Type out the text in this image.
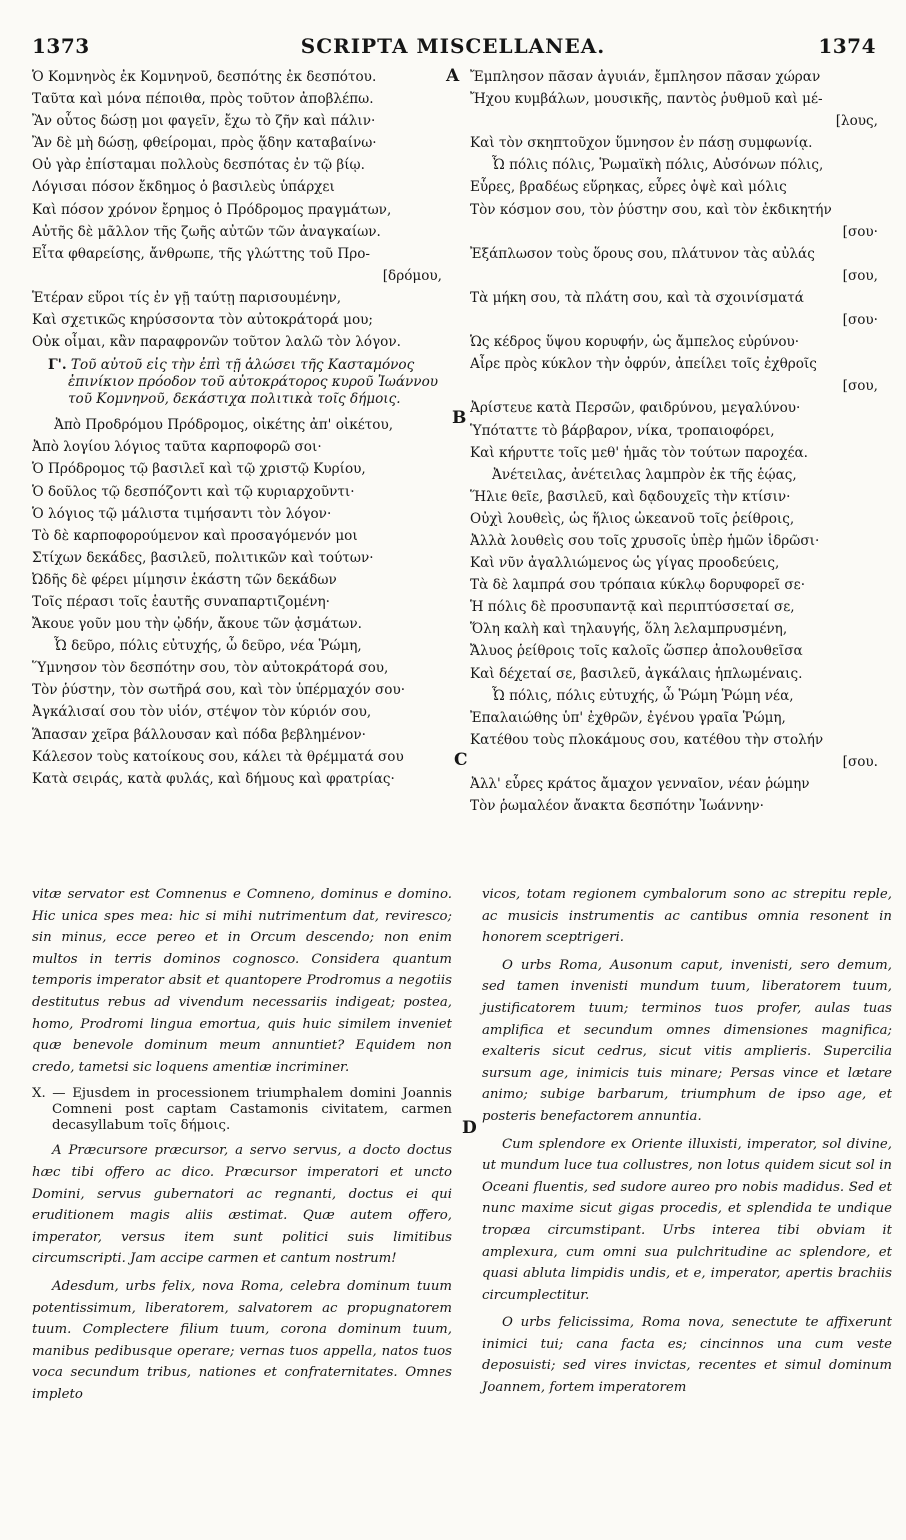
1373	SCRIPTA MISCELLANEA.	1374
A
B
C
D
Ὁ Κομνηνὸς ἐκ Κομνηνοῦ, δεσπότης ἐκ δεσπότου.
Ταῦτα καὶ μόνα πέποιθα, πρὸς τοῦτον ἀποβλέπω.
Ἂν οὗτος δώσῃ μοι φαγεῖν, ἔχω τὸ ζῆν καὶ πάλιν·
Ἂν δὲ μὴ δώσῃ, φθείρομαι, πρὸς ᾅδην καταβαίνω·
Οὐ γὰρ ἐπίσταμαι πολλοὺς δεσπότας ἐν τῷ βίῳ.
Λόγισαι πόσον ἔκδημος ὁ βασιλεὺς ὑπάρχει
Καὶ πόσον χρόνον ἔρημος ὁ Πρόδρομος πραγμάτων,
Αὐτῆς δὲ μᾶλλον τῆς ζωῆς αὐτῶν τῶν ἀναγκαίων.
Εἶτα φθαρείσης, ἄνθρωπε, τῆς γλώττης τοῦ Προ-
[δρόμου,
Ἑτέραν εὕροι τίς ἐν γῇ ταύτῃ παρισουμένην,
Καὶ σχετικῶς κηρύσσοντα τὸν αὐτοκράτορά μου;
Οὐκ οἶμαι, κἂν παραφρονῶν τοῦτον λαλῶ τὸν λόγον.
Γ'. Τοῦ αὐτοῦ εἰς τὴν ἐπὶ τῇ ἁλώσει τῆς Κασταμόνος ἐπινίκιον πρόοδον τοῦ αὐτοκράτορος κυροῦ Ἰωάννου τοῦ Κομνηνοῦ, δεκάστιχα πολιτικὰ τοῖς δήμοις.
Ἀπὸ Προδρόμου Πρόδρομος, οἰκέτης ἀπ' οἰκέτου,
Ἀπὸ λογίου λόγιος ταῦτα καρποφορῶ σοι·
Ὁ Πρόδρομος τῷ βασιλεῖ καὶ τῷ χριστῷ Κυρίου,
Ὁ δοῦλος τῷ δεσπόζοντι καὶ τῷ κυριαρχοῦντι·
Ὁ λόγιος τῷ μάλιστα τιμήσαντι τὸν λόγον·
Τὸ δὲ καρποφορούμενον καὶ προσαγόμενόν μοι
Στίχων δεκάδες, βασιλεῦ, πολιτικῶν καὶ τούτων·
Ὠδῆς δὲ φέρει μίμησιν ἑκάστη τῶν δεκάδων
Τοῖς πέρασι τοῖς ἑαυτῆς συναπαρτιζομένη·
Ἄκουε γοῦν μου τὴν ᾠδήν, ἄκουε τῶν ᾀσμάτων.
Ὦ δεῦρο, πόλις εὐτυχής, ὦ δεῦρο, νέα Ῥώμη,
Ὕμνησον τὸν δεσπότην σου, τὸν αὐτοκράτορά σου,
Τὸν ῥύστην, τὸν σωτῆρά σου, καὶ τὸν ὑπέρμαχόν σου·
Ἀγκάλισαί σου τὸν υἱόν, στέψον τὸν κύριόν σου,
Ἅπασαν χεῖρα βάλλουσαν καὶ πόδα βεβλημένον·
Κάλεσον τοὺς κατοίκους σου, κάλει τὰ θρέμματά σου
Κατὰ σειράς, κατὰ φυλάς, καὶ δήμους καὶ φρατρίας·
Ἔμπλησον πᾶσαν ἀγυιάν, ἔμπλησον πᾶσαν χώραν
Ἤχου κυμβάλων, μουσικῆς, παντὸς ῥυθμοῦ καὶ μέ-
[λους,
Καὶ τὸν σκηπτοῦχον ὕμνησον ἐν πάσῃ συμφωνίᾳ.
Ὦ πόλις πόλις, Ῥωμαϊκὴ πόλις, Αὐσόνων πόλις,
Εὗρες, βραδέως εὕρηκας, εὗρες ὀψὲ καὶ μόλις
Τὸν κόσμον σου, τὸν ῥύστην σου, καὶ τὸν ἐκδικητήν
[σου·
Ἐξάπλωσον τοὺς ὅρους σου, πλάτυνον τὰς αὐλάς
[σου,
Τὰ μήκη σου, τὰ πλάτη σου, καὶ τὰ σχοινίσματά
[σου·
Ὡς κέδρος ὕψου κορυφήν, ὡς ἄμπελος εὐρύνου·
Αἶρε πρὸς κύκλον τὴν ὀφρύν, ἀπείλει τοῖς ἐχθροῖς
[σου,
Ἀρίστευε κατὰ Περσῶν, φαιδρύνου, μεγαλύνου·
Ὑπόταττε τὸ βάρβαρον, νίκα, τροπαιοφόρει,
Καὶ κήρυττε τοῖς μεθ' ἡμᾶς τὸν τούτων παροχέα.
Ἀνέτειλας, ἀνέτειλας λαμπρὸν ἐκ τῆς ἑῴας,
Ἥλιε θεῖε, βασιλεῦ, καὶ δᾳδουχεῖς τὴν κτίσιν·
Οὐχὶ λουθεὶς, ὡς ἥλιος ὠκεανοῦ τοῖς ῥείθροις,
Ἀλλὰ λουθεὶς σου τοῖς χρυσοῖς ὑπὲρ ἡμῶν ἱδρῶσι·
Καὶ νῦν ἀγαλλιώμενος ὡς γίγας προοδεύεις,
Τὰ δὲ λαμπρά σου τρόπαια κύκλῳ δορυφορεῖ σε·
Ἡ πόλις δὲ προσυπαντᾷ καὶ περιπτύσσεταί σε,
Ὅλη καλὴ καὶ τηλαυγής, ὅλη λελαμπρυσμένη,
Ἄλυος ῥείθροις τοῖς καλοῖς ὥσπερ ἀπολουθεῖσα
Καὶ δέχεταί σε, βασιλεῦ, ἀγκάλαις ἡπλωμέναις.
Ὦ πόλις, πόλις εὐτυχής, ὦ Ῥώμη Ῥώμη νέα,
Ἐπαλαιώθης ὑπ' ἐχθρῶν, ἐγένου γραῖα Ῥώμη,
Κατέθου τοὺς πλοκάμους σου, κατέθου τὴν στολήν
[σου.
Ἀλλ' εὗρες κράτος ἄμαχον γενναῖον, νέαν ῥώμην
Τὸν ῥωμαλέον ἄνακτα δεσπότην Ἰωάννην·

vitæ servator est Comnenus e Comneno, dominus e domino. Hic unica spes mea: hic si mihi nutrimentum dat, reviresco; sin minus, ecce pereo et in Orcum descendo; non enim multos in terris dominos cognosco. Considera quantum temporis imperator absit et quantopere Prodromus a negotiis destitutus rebus ad vivendum necessariis indigeat; postea, homo, Prodromi lingua emortua, quis huic similem inveniet quæ benevole dominum meum annuntiet? Equidem non credo, tametsi sic loquens amentiæ incriminer.

X. — Ejusdem in processionem triumphalem domini Joannis Comneni post captam Castamonis civitatem, carmen decasyllabum τοῖς δήμοις.

A Præcursore præcursor, a servo servus, a docto doctus hæc tibi offero ac dico. Præcursor imperatori et uncto Domini, servus gubernatori ac regnanti, doctus ei qui eruditionem magis aliis æstimat. Quæ autem offero, imperator, versus item sunt politici suis limitibus circumscripti. Jam accipe carmen et cantum nostrum!

Adesdum, urbs felix, nova Roma, celebra dominum tuum potentissimum, liberatorem, salvatorem ac propugnatorem tuum. Complectere filium tuum, corona dominum tuum, manibus pedibusque operare; vernas tuos appella, natos tuos voca secundum tribus, nationes et confraternitates. Omnes impleto

vicos, totam regionem cymbalorum sono ac strepitu reple, ac musicis instrumentis ac cantibus omnia resonent in honorem sceptrigeri.

O urbs Roma, Ausonum caput, invenisti, sero demum, sed tamen invenisti mundum tuum, liberatorem tuum, justificatorem tuum; terminos tuos profer, aulas tuas amplifica et secundum omnes dimensiones magnifica; exalteris sicut cedrus, sicut vitis amplieris. Supercilia sursum age, inimicis tuis minare; Persas vince et lætare animo; subige barbarum, triumphum de ipso age, et posteris benefactorem annuntia.

Cum splendore ex Oriente illuxisti, imperator, sol divine, ut mundum luce tua collustres, non lotus quidem sicut sol in Oceani fluentis, sed sudore aureo pro nobis madidus. Sed et nunc maxime sicut gigas procedis, et splendida te undique tropæa circumstipant. Urbs interea tibi obviam it amplexura, cum omni sua pulchritudine ac splendore, et quasi abluta limpidis undis, et e, imperator, apertis brachiis circumplectitur.

O urbs felicissima, Roma nova, senectute te affixerunt inimici tui; cana facta es; cincinnos una cum veste deposuisti; sed vires invictas, recentes et simul dominum Joannem, fortem imperatorem
